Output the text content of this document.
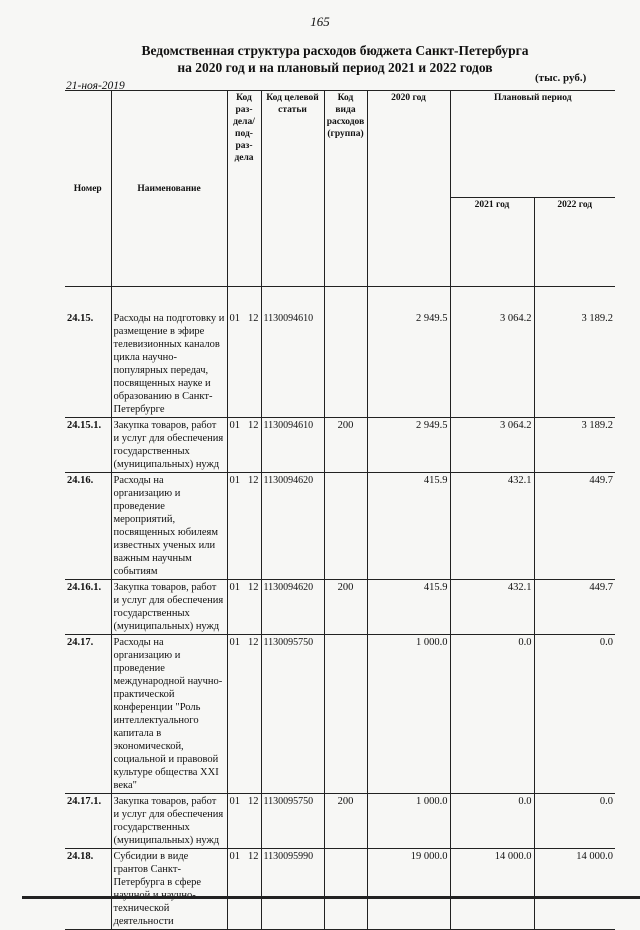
165
Ведомственная структура расходов бюджета Санкт-Петербурга
на 2020 год и на плановый период 2021 и 2022 годов
21-ноя-2019
(тыс. руб.)
Номер	Наименование	Код раз-дела/ под-раз-дела		Код целевой статьи	Код вида расходов (группа)	2020 год	Плановый период	
							2021 год	2022 год

24.15.	Расходы на подготовку и размещение в эфире телевизионных каналов цикла научно-популярных передач, посвященных науке и образованию в Санкт-Петербурге	01	12	1130094610		2 949.5	3 064.2	3 189.2
24.15.1.	Закупка товаров, работ и услуг для обеспечения государственных (муниципальных) нужд	01	12	1130094610	200	2 949.5	3 064.2	3 189.2
24.16.	Расходы на организацию и проведение мероприятий, посвященных юбилеям известных ученых или важным научным событиям	01	12	1130094620		415.9	432.1	449.7
24.16.1.	Закупка товаров, работ и услуг для обеспечения государственных (муниципальных) нужд	01	12	1130094620	200	415.9	432.1	449.7
24.17.	Расходы на организацию и проведение международной научно-практической конференции "Роль интеллектуального капитала в экономической, социальной и правовой культуре общества XXI века"	01	12	1130095750		1 000.0	0.0	0.0
24.17.1.	Закупка товаров, работ и услуг для обеспечения государственных (муниципальных) нужд	01	12	1130095750	200	1 000.0	0.0	0.0
24.18.	Субсидии в виде грантов Санкт-Петербурга в сфере технической деятельности	01	12	1130095990		19 000.0	14 000.0	14 000.0
